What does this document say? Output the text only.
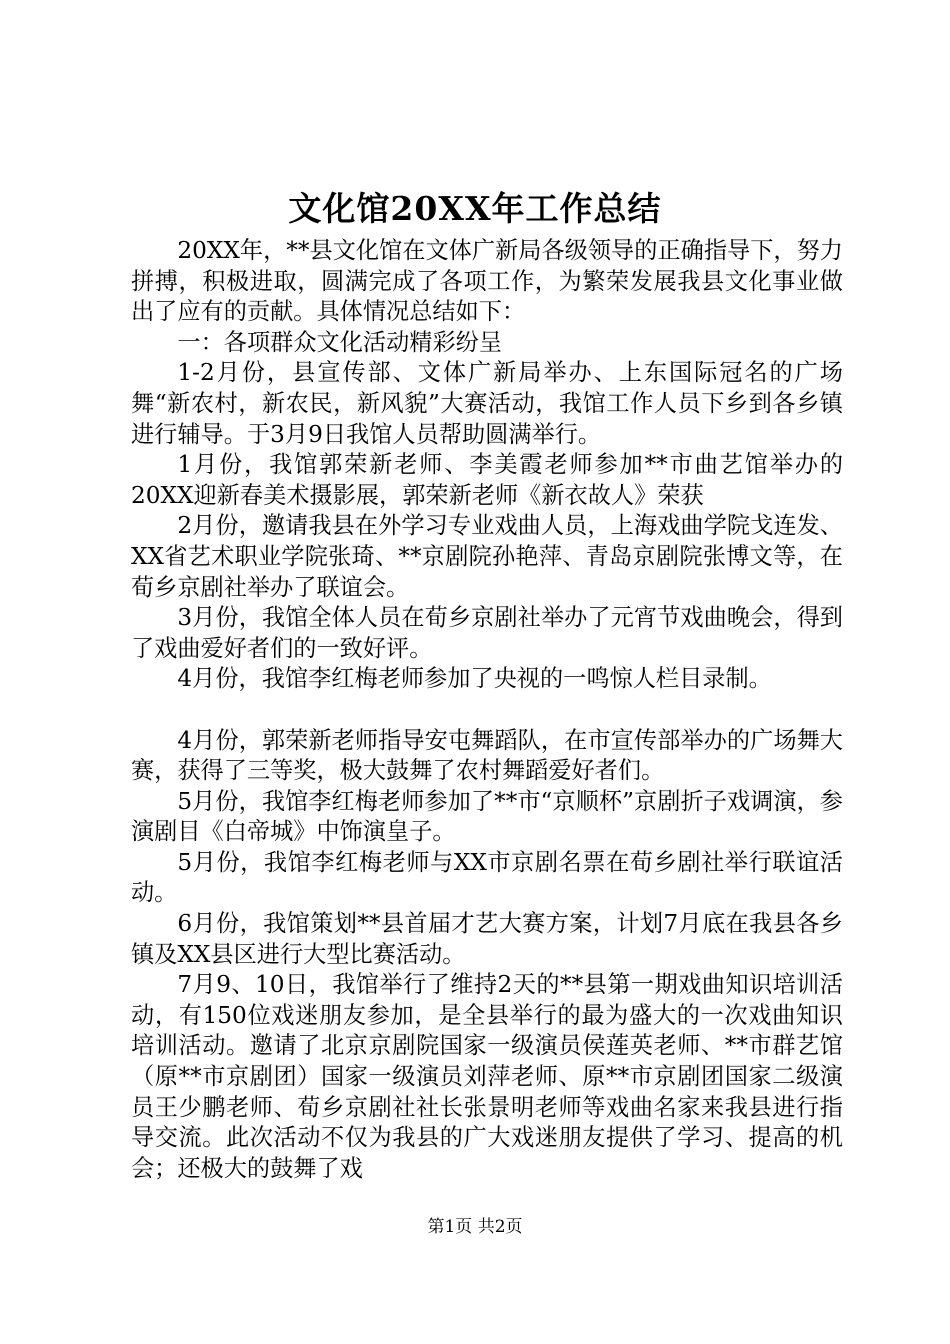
文化馆20XX年工作总结

20XX年，**县文化馆在文体广新局各级领导的正确指导下，努力拼搏，积极进取，圆满完成了各项工作，为繁荣发展我县文化事业做出了应有的贡献。具体情况总结如下：

一：各项群众文化活动精彩纷呈

1-2月份，县宣传部、文体广新局举办、上东国际冠名的广场舞“新农村，新农民，新风貌”大赛活动，我馆工作人员下乡到各乡镇进行辅导。于3月9日我馆人员帮助圆满举行。

1月份，我馆郭荣新老师、李美霞老师参加**市曲艺馆举办的20XX迎新春美术摄影展，郭荣新老师《新衣故人》荣获

2月份，邀请我县在外学习专业戏曲人员，上海戏曲学院戈连发、XX省艺术职业学院张琦、**京剧院孙艳萍、青岛京剧院张博文等，在荀乡京剧社举办了联谊会。

3月份，我馆全体人员在荀乡京剧社举办了元宵节戏曲晚会，得到了戏曲爱好者们的一致好评。

4月份，我馆李红梅老师参加了央视的一鸣惊人栏目录制。

4月份，郭荣新老师指导安屯舞蹈队，在市宣传部举办的广场舞大赛，获得了三等奖，极大鼓舞了农村舞蹈爱好者们。

5月份，我馆李红梅老师参加了**市“京顺杯”京剧折子戏调演，参演剧目《白帝城》中饰演皇子。

5月份，我馆李红梅老师与XX市京剧名票在荀乡剧社举行联谊活动。

6月份，我馆策划**县首届才艺大赛方案，计划7月底在我县各乡镇及XX县区进行大型比赛活动。

7月9、10日，我馆举行了维持2天的**县第一期戏曲知识培训活动，有150位戏迷朋友参加，是全县举行的最为盛大的一次戏曲知识培训活动。邀请了北京京剧院国家一级演员侯莲英老师、**市群艺馆（原**市京剧团）国家一级演员刘萍老师、原**市京剧团国家二级演员王少鹏老师、荀乡京剧社社长张景明老师等戏曲名家来我县进行指导交流。此次活动不仅为我县的广大戏迷朋友提供了学习、提高的机会；还极大的鼓舞了戏

第1页 共2页
